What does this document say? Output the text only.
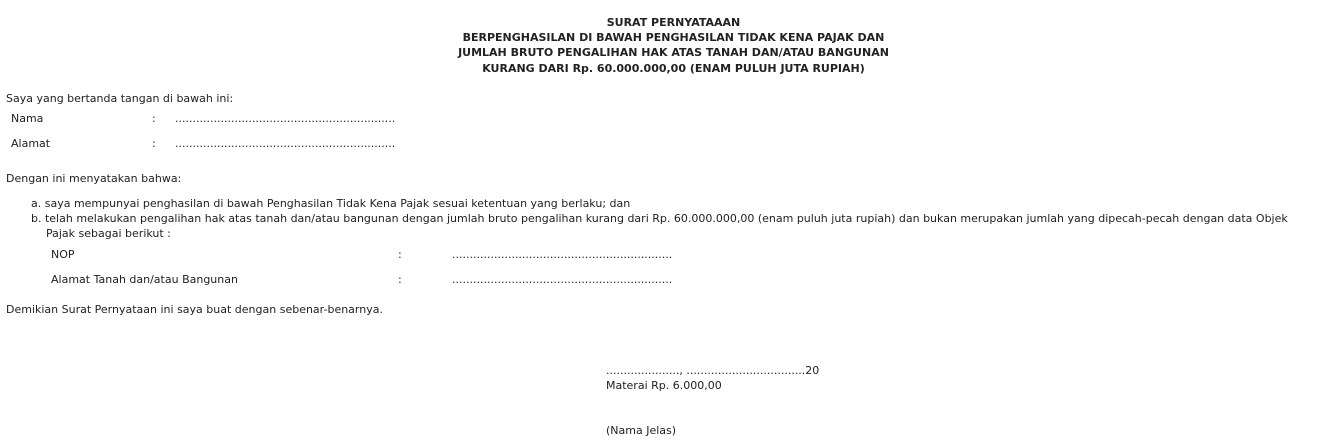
SURAT PERNYATAAAN
BERPENGHASILAN DI BAWAH PENGHASILAN TIDAK KENA PAJAK DAN
JUMLAH BRUTO PENGALIHAN HAK ATAS TANAH DAN/ATAU BANGUNAN
KURANG DARI Rp. 60.000.000,00 (ENAM PULUH JUTA RUPIAH)
Saya yang bertanda tangan di bawah ini:
Nama	: ...............................................................
Alamat	: ...............................................................
Dengan ini menyatakan bahwa:
a. saya mempunyai penghasilan di bawah Penghasilan Tidak Kena Pajak sesuai ketentuan yang berlaku; dan
b. telah melakukan pengalihan hak atas tanah dan/atau bangunan dengan jumlah bruto pengalihan kurang dari Rp. 60.000.000,00 (enam puluh juta rupiah) dan bukan merupakan jumlah yang dipecah-pecah dengan data Objek
Pajak sebagai berikut :
NOP	:	...............................................................
Alamat Tanah dan/atau Bangunan	:	...............................................................
Demikian Surat Pernyataan ini saya buat dengan sebenar-benarnya.
....................., ..................................20
Materai Rp. 6.000,00
(Nama Jelas)
